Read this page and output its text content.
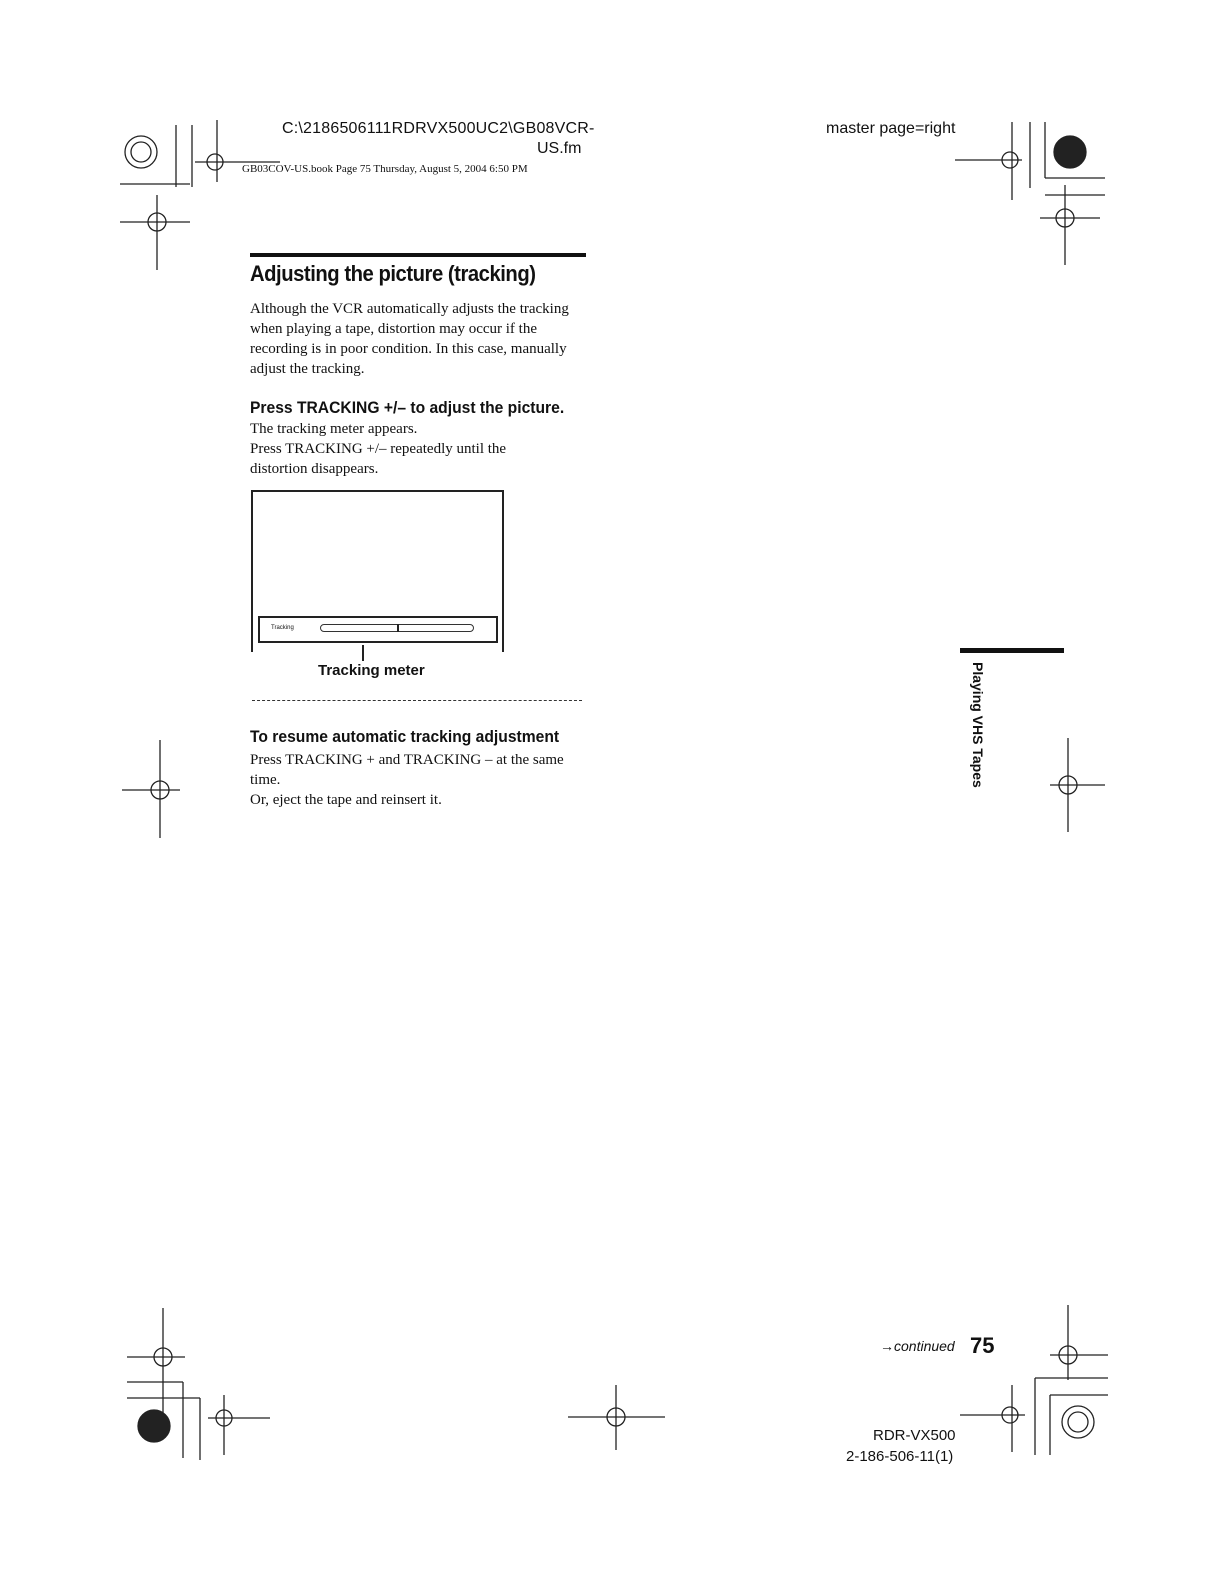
C:\2186506111RDRVX500UC2\GB08VCR-
US.fm
GB03COV-US.book Page 75 Thursday, August 5, 2004 6:50 PM
master page=right
Adjusting the picture (tracking)
Although the VCR automatically adjusts the tracking when playing a tape, distortion may occur if the recording is in poor condition. In this case, manually adjust the tracking.
Press TRACKING +/– to adjust the picture.
The tracking meter appears.
Press TRACKING +/– repeatedly until the distortion disappears.
Tracking
Tracking meter
To resume automatic tracking adjustment
Press TRACKING + and TRACKING – at the same time.
Or, eject the tape and reinsert it.
Playing VHS Tapes
→continued 75
RDR-VX500
2-186-506-11(1)
